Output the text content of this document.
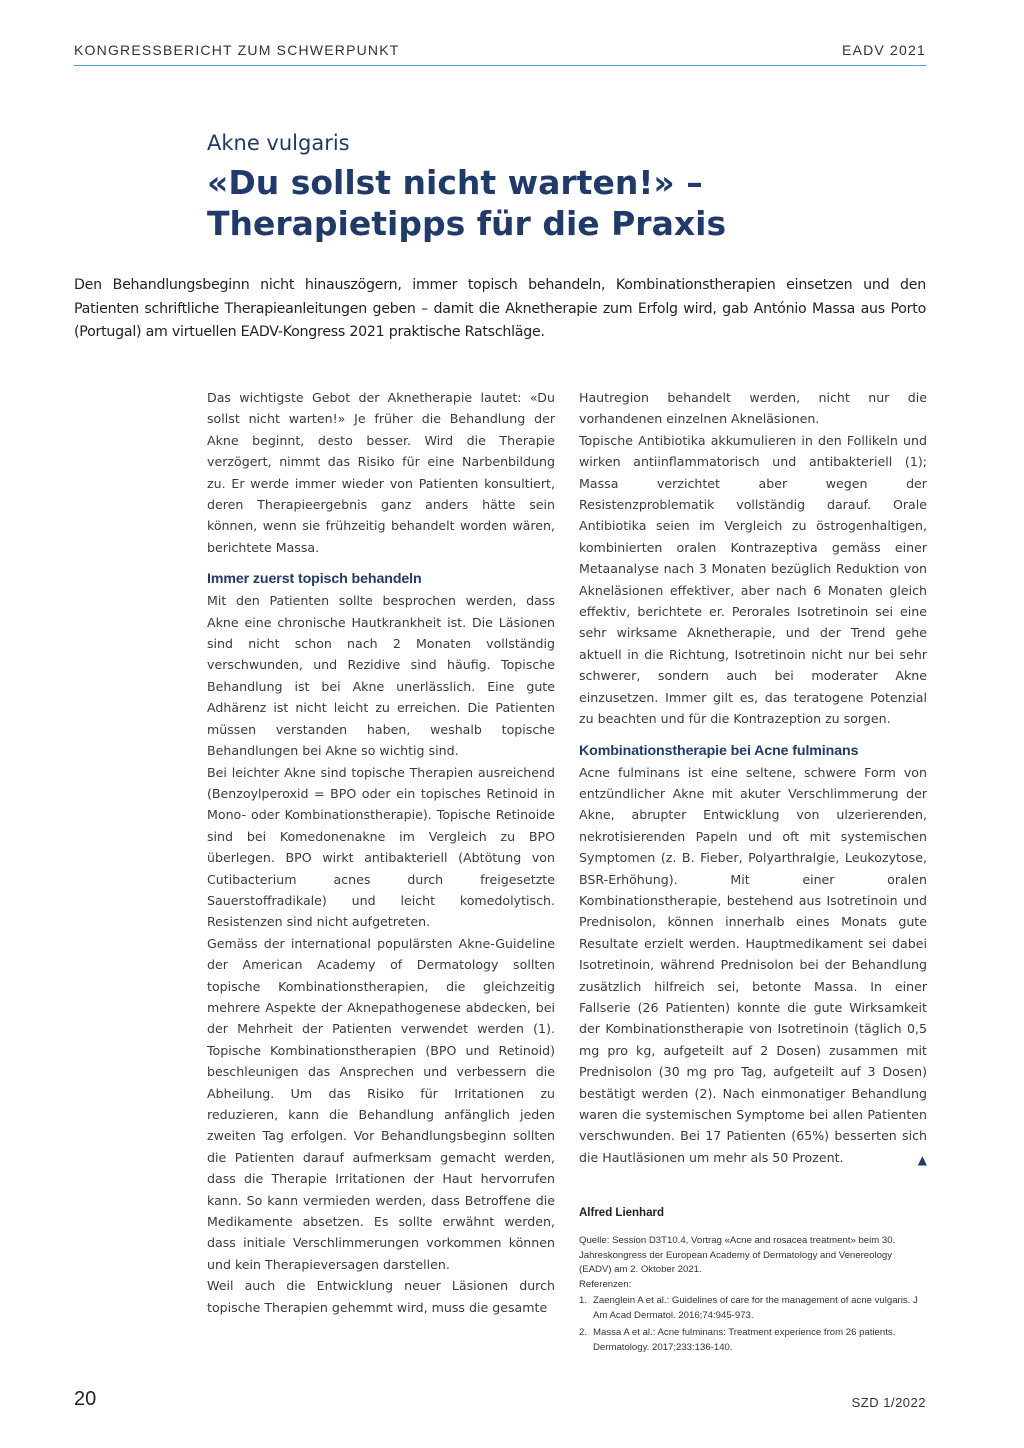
KONGRESSBERICHT ZUM SCHWERPUNKT	EADV 2021
Akne vulgaris
«Du sollst nicht warten!» – Therapietipps für die Praxis

Den Behandlungsbeginn nicht hinauszögern, immer topisch behandeln, Kombinationstherapien einsetzen und den Patienten schriftliche Therapieanleitungen geben – damit die Aknetherapie zum Erfolg wird, gab António Massa aus Porto (Portugal) am virtuellen EADV-Kongress 2021 praktische Ratschläge.

Das wichtigste Gebot der Aknetherapie lautet: «Du sollst nicht warten!» Je früher die Behandlung der Akne beginnt, desto besser. Wird die Therapie verzögert, nimmt das Risiko für eine Narbenbildung zu. Er werde immer wieder von Patienten konsultiert, deren Therapieergebnis ganz anders hätte sein können, wenn sie frühzeitig behandelt worden wären, berichtete Massa.

Immer zuerst topisch behandeln

Mit den Patienten sollte besprochen werden, dass Akne eine chronische Hautkrankheit ist. Die Läsionen sind nicht schon nach 2 Monaten vollständig verschwunden, und Rezidive sind häufig. Topische Behandlung ist bei Akne unerlässlich. Eine gute Adhärenz ist nicht leicht zu erreichen. Die Patienten müssen verstanden haben, weshalb topische Behandlungen bei Akne so wichtig sind.

Bei leichter Akne sind topische Therapien ausreichend (Benzoylperoxid = BPO oder ein topisches Retinoid in Mono- oder Kombinationstherapie). Topische Retinoide sind bei Komedonenakne im Vergleich zu BPO überlegen. BPO wirkt antibakteriell (Abtötung von Cutibacterium acnes durch freigesetzte Sauerstoffradikale) und leicht komedolytisch. Resistenzen sind nicht aufgetreten.

Gemäss der international populärsten Akne-Guideline der American Academy of Dermatology sollten topische Kombinationstherapien, die gleichzeitig mehrere Aspekte der Aknepathogenese abdecken, bei der Mehrheit der Patienten verwendet werden (1). Topische Kombinationstherapien (BPO und Retinoid) beschleunigen das Ansprechen und verbessern die Abheilung. Um das Risiko für Irritationen zu reduzieren, kann die Behandlung anfänglich jeden zweiten Tag erfolgen. Vor Behandlungsbeginn sollten die Patienten darauf aufmerksam gemacht werden, dass die Therapie Irritationen der Haut hervorrufen kann. So kann vermieden werden, dass Betroffene die Medikamente absetzen. Es sollte erwähnt werden, dass initiale Verschlimmerungen vorkommen können und kein Therapieversagen darstellen.

Weil auch die Entwicklung neuer Läsionen durch topische Therapien gehemmt wird, muss die gesamte

Hautregion behandelt werden, nicht nur die vorhandenen einzelnen Akneläsionen.

Topische Antibiotika akkumulieren in den Follikeln und wirken antiinflammatorisch und antibakteriell (1); Massa verzichtet aber wegen der Resistenzproblematik vollständig darauf. Orale Antibiotika seien im Vergleich zu östrogenhaltigen, kombinierten oralen Kontrazeptiva gemäss einer Metaanalyse nach 3 Monaten bezüglich Reduktion von Akneläsionen effektiver, aber nach 6 Monaten gleich effektiv, berichtete er. Perorales Isotretinoin sei eine sehr wirksame Aknetherapie, und der Trend gehe aktuell in die Richtung, Isotretinoin nicht nur bei sehr schwerer, sondern auch bei moderater Akne einzusetzen. Immer gilt es, das teratogene Potenzial zu beachten und für die Kontrazeption zu sorgen.

Kombinationstherapie bei Acne fulminans

Acne fulminans ist eine seltene, schwere Form von entzündlicher Akne mit akuter Verschlimmerung der Akne, abrupter Entwicklung von ulzerierenden, nekrotisierenden Papeln und oft mit systemischen Symptomen (z. B. Fieber, Polyarthralgie, Leukozytose, BSR-Erhöhung). Mit einer oralen Kombinationstherapie, bestehend aus Isotretinoin und Prednisolon, können innerhalb eines Monats gute Resultate erzielt werden. Hauptmedikament sei dabei Isotretinoin, während Prednisolon bei der Behandlung zusätzlich hilfreich sei, betonte Massa. In einer Fallserie (26 Patienten) konnte die gute Wirksamkeit der Kombinationstherapie von Isotretinoin (täglich 0,5 mg pro kg, aufgeteilt auf 2 Dosen) zusammen mit Prednisolon (30 mg pro Tag, aufgeteilt auf 3 Dosen) bestätigt werden (2). Nach einmonatiger Behandlung waren die systemischen Symptome bei allen Patienten verschwunden. Bei 17 Patienten (65%) besserten sich die Hautläsionen um mehr als 50 Prozent.	▲

Alfred Lienhard
Quelle: Session D3T10.4, Vortrag «Acne and rosacea treatment» beim 30. Jahreskongress der European Academy of Dermatology and Venereology (EADV) am 2. Oktober 2021.
Referenzen:
1. Zaenglein A et al.: Guidelines of care for the management of acne vulgaris. J Am Acad Dermatol. 2016;74:945-973.
2. Massa A et al.: Acne fulminans: Treatment experience from 26 patients. Dermatology. 2017;233:136-140.
20	SZD 1/2022
